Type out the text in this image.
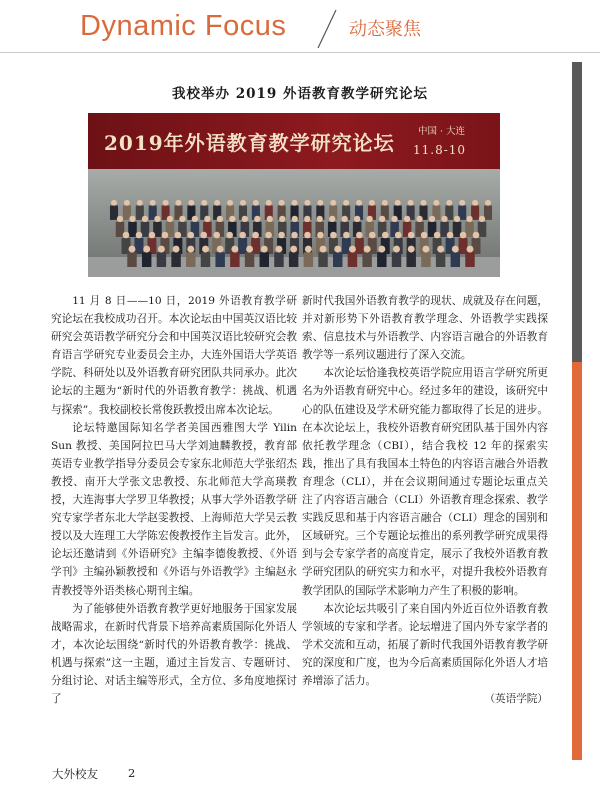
Dynamic Focus	动态聚焦
我校举办 2019 外语教育教学研究论坛
2019年外语教育教学研究论坛 中国 · 大连
11.8-10

11 月 8 日——10 日，2019 外语教育教学研究论坛在我校成功召开。本次论坛由中国英汉语比较研究会英语教学研究分会和中国英汉语比较研究会教育语言学研究专业委员会主办，大连外国语大学英语学院、科研处以及外语教育研究团队共同承办。此次论坛的主题为“新时代的外语教育教学：挑战、机遇与探索”。我校副校长常俊跃教授出席本次论坛。

论坛特邀国际知名学者美国西雅图大学 Yilin Sun 教授、美国阿拉巴马大学刘迪麟教授，教育部英语专业教学指导分委员会专家东北师范大学张绍杰教授、南开大学张文忠教授、东北师范大学高瑛教授，大连海事大学罗卫华教授；从事大学外语教学研究专家学者东北大学赵雯教授、上海师范大学吴云教授以及大连理工大学陈宏俊教授作主旨发言。此外，论坛还邀请到《外语研究》主编李德俊教授、《外语学刊》主编孙颖教授和《外语与外语教学》主编赵永青教授等外语类核心期刊主编。

为了能够使外语教育教学更好地服务于国家发展战略需求，在新时代背景下培养高素质国际化外语人才，本次论坛围绕“新时代的外语教育教学：挑战、机遇与探索”这一主题，通过主旨发言、专题研讨、分组讨论、对话主编等形式，全方位、多角度地探讨了

新时代我国外语教育教学的现状、成就及存在问题，并对新形势下外语教育教学理念、外语教学实践探索、信息技术与外语教学、内容语言融合的外语教育教学等一系列议题进行了深入交流。

本次论坛恰逢我校英语学院应用语言学研究所更名为外语教育研究中心。经过多年的建设，该研究中心的队伍建设及学术研究能力都取得了长足的进步。在本次论坛上，我校外语教育研究团队基于国外内容依托教学理念（CBI），结合我校 12 年的探索实践，推出了具有我国本土特色的内容语言融合外语教育理念（CLI），并在会议期间通过专题论坛重点关注了内容语言融合（CLI）外语教育理念探索、教学实践反思和基于内容语言融合（CLI）理念的国别和区域研究。三个专题论坛推出的系列教学研究成果得到与会专家学者的高度肯定，展示了我校外语教育教学研究团队的研究实力和水平，对提升我校外语教育教学团队的国际学术影响力产生了积极的影响。

本次论坛共吸引了来自国内外近百位外语教育教学领域的专家和学者。论坛增进了国内外专家学者的学术交流和互动，拓展了新时代我国外语教育教学研究的深度和广度，也为今后高素质国际化外语人才培养增添了活力。

（英语学院）

大外校友	2
